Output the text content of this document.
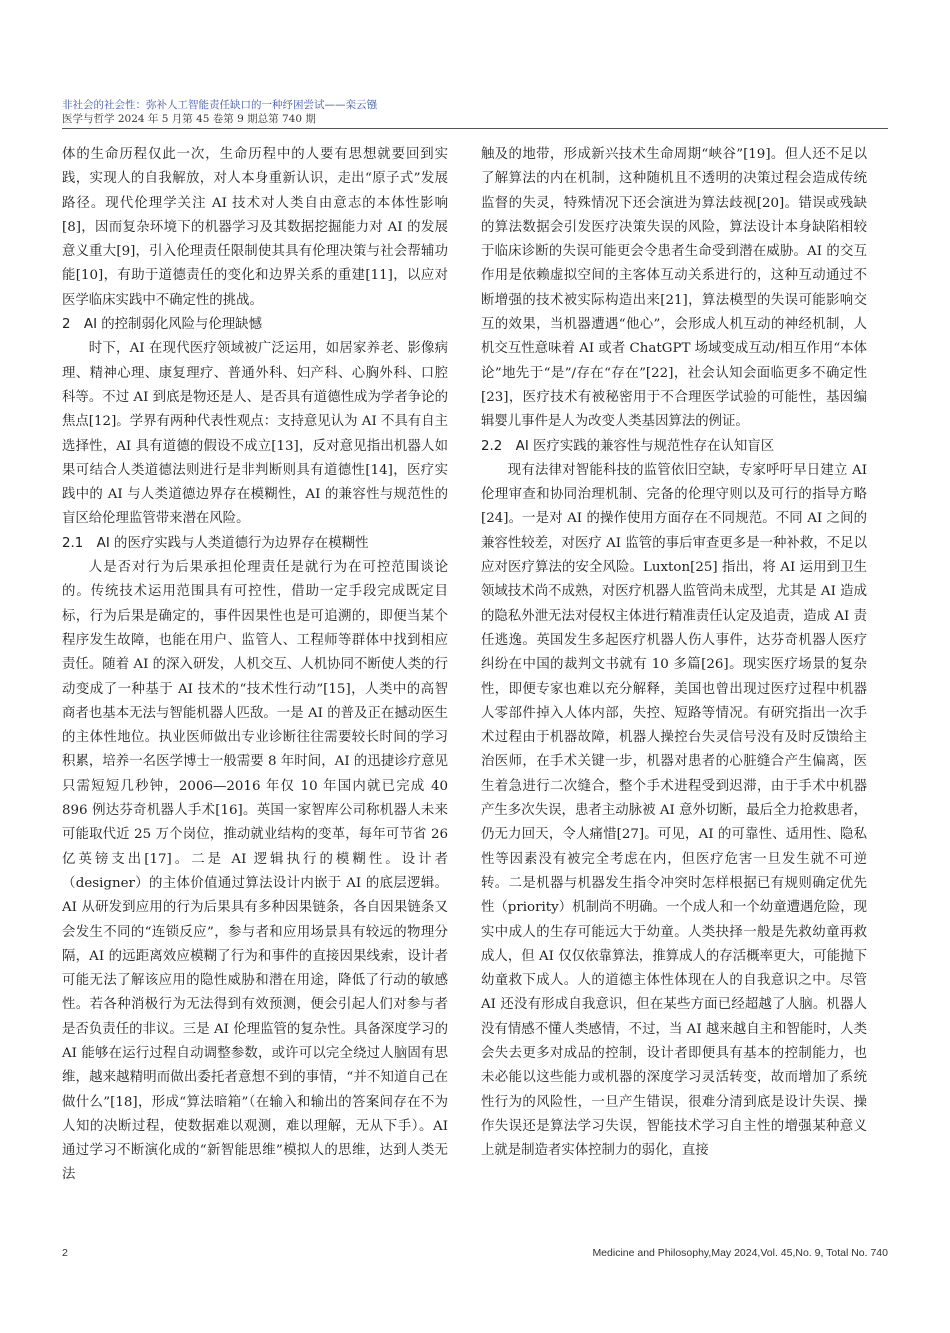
非社会的社会性：弥补人工智能责任缺口的一种纾困尝试——栾云镪
医学与哲学 2024 年 5 月第 45 卷第 9 期总第 740 期

体的生命历程仅此一次，生命历程中的人要有思想就要回到实践，实现人的自我解放，对人本身重新认识，走出“原子式”发展路径。现代伦理学关注 AI 技术对人类自由意志的本体性影响[8]，因而复杂环境下的机器学习及其数据挖掘能力对 AI 的发展意义重大[9]，引入伦理责任限制使其具有伦理决策与社会帮辅功能[10]，有助于道德责任的变化和边界关系的重建[11]，以应对医学临床实践中不确定性的挑战。

2　AI 的控制弱化风险与伦理缺憾

时下，AI 在现代医疗领域被广泛运用，如居家养老、影像病理、精神心理、康复理疗、普通外科、妇产科、心胸外科、口腔科等。不过 AI 到底是物还是人、是否具有道德性成为学者争论的焦点[12]。学界有两种代表性观点：支持意见认为 AI 不具有自主选择性，AI 具有道德的假设不成立[13]，反对意见指出机器人如果可结合人类道德法则进行是非判断则具有道德性[14]，医疗实践中的 AI 与人类道德边界存在模糊性，AI 的兼容性与规范性的盲区给伦理监管带来潜在风险。

2.1　AI 的医疗实践与人类道德行为边界存在模糊性

人是否对行为后果承担伦理责任是就行为在可控范围谈论的。传统技术运用范围具有可控性，借助一定手段完成既定目标，行为后果是确定的，事件因果性也是可追溯的，即便当某个程序发生故障，也能在用户、监管人、工程师等群体中找到相应责任。随着 AI 的深入研发，人机交互、人机协同不断使人类的行动变成了一种基于 AI 技术的“技术性行动”[15]，人类中的高智商者也基本无法与智能机器人匹敌。一是 AI 的普及正在撼动医生的主体性地位。执业医师做出专业诊断往往需要较长时间的学习积累，培养一名医学博士一般需要 8 年时间，AI 的迅捷诊疗意见只需短短几秒钟，2006—2016 年仅 10 年国内就已完成 40 896 例达芬奇机器人手术[16]。英国一家智库公司称机器人未来可能取代近 25 万个岗位，推动就业结构的变革，每年可节省 26 亿英镑支出[17]。二是 AI 逻辑执行的模糊性。设计者（designer）的主体价值通过算法设计内嵌于 AI 的底层逻辑。AI 从研发到应用的行为后果具有多种因果链条，各自因果链条又会发生不同的“连锁反应”，参与者和应用场景具有较远的物理分隔，AI 的远距离效应模糊了行为和事件的直接因果线索，设计者可能无法了解该应用的隐性威胁和潜在用途，降低了行动的敏感性。若各种消极行为无法得到有效预测，便会引起人们对参与者是否负责任的非议。三是 AI 伦理监管的复杂性。具备深度学习的 AI 能够在运行过程自动调整参数，或许可以完全绕过人脑固有思维，越来越精明而做出委托者意想不到的事情，“并不知道自己在做什么”[18]，形成“算法暗箱”（在输入和输出的答案间存在不为人知的决断过程，使数据难以观测，难以理解，无从下手）。AI 通过学习不断演化成的“新智能思维”模拟人的思维，达到人类无法

触及的地带，形成新兴技术生命周期“峡谷”[19]。但人还不足以了解算法的内在机制，这种随机且不透明的决策过程会造成传统监督的失灵，特殊情况下还会演进为算法歧视[20]。错误或残缺的算法数据会引发医疗决策失误的风险，算法设计本身缺陷相较于临床诊断的失误可能更会令患者生命受到潜在威胁。AI 的交互作用是依赖虚拟空间的主客体互动关系进行的，这种互动通过不断增强的技术被实际构造出来[21]，算法模型的失误可能影响交互的效果，当机器遭遇“他心”，会形成人机互动的神经机制，人机交互性意味着 AI 或者 ChatGPT 场域变成互动/相互作用“本体论”地先于“是”/存在“存在”[22]，社会认知会面临更多不确定性[23]，医疗技术有被秘密用于不合理医学试验的可能性，基因编辑婴儿事件是人为改变人类基因算法的例证。

2.2　AI 医疗实践的兼容性与规范性存在认知盲区

现有法律对智能科技的监管依旧空缺，专家呼吁早日建立 AI 伦理审查和协同治理机制、完备的伦理守则以及可行的指导方略[24]。一是对 AI 的操作使用方面存在不同规范。不同 AI 之间的兼容性较差，对医疗 AI 监管的事后审查更多是一种补救，不足以应对医疗算法的安全风险。Luxton[25] 指出，将 AI 运用到卫生领域技术尚不成熟，对医疗机器人监管尚未成型，尤其是 AI 造成的隐私外泄无法对侵权主体进行精准责任认定及追责，造成 AI 责任逃逸。英国发生多起医疗机器人伤人事件，达芬奇机器人医疗纠纷在中国的裁判文书就有 10 多篇[26]。现实医疗场景的复杂性，即便专家也难以充分解释，美国也曾出现过医疗过程中机器人零部件掉入人体内部，失控、短路等情况。有研究指出一次手术过程由于机器故障，机器人操控台失灵信号没有及时反馈给主治医师，在手术关键一步，机器对患者的心脏缝合产生偏离，医生着急进行二次缝合，整个手术进程受到迟滞，由于手术中机器产生多次失误，患者主动脉被 AI 意外切断，最后全力抢救患者，仍无力回天，令人痛惜[27]。可见，AI 的可靠性、适用性、隐私性等因素没有被完全考虑在内，但医疗危害一旦发生就不可逆转。二是机器与机器发生指令冲突时怎样根据已有规则确定优先性（priority）机制尚不明确。一个成人和一个幼童遭遇危险，现实中成人的生存可能远大于幼童。人类抉择一般是先救幼童再救成人，但 AI 仅仅依靠算法，推算成人的存活概率更大，可能抛下幼童救下成人。人的道德主体性体现在人的自我意识之中。尽管 AI 还没有形成自我意识，但在某些方面已经超越了人脑。机器人没有情感不懂人类感情，不过，当 AI 越来越自主和智能时，人类会失去更多对成品的控制，设计者即便具有基本的控制能力，也未必能以这些能力或机器的深度学习灵活转变，故而增加了系统性行为的风险性，一旦产生错误，很难分清到底是设计失误、操作失误还是算法学习失误，智能技术学习自主性的增强某种意义上就是制造者实体控制力的弱化，直接

2	Medicine and Philosophy,May 2024,Vol. 45,No. 9, Total No. 740
